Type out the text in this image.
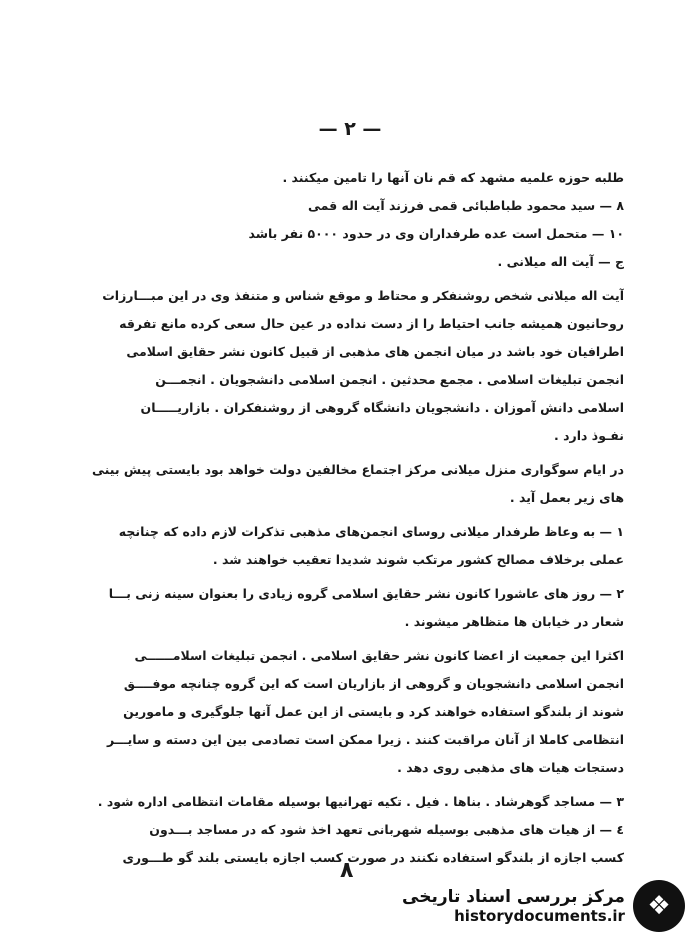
— ۲ —
طلبه حوزه علمیه مشهد که قم نان آنها را تامین میکنند .
۸ — سید محمود طباطبائی قمی فرزند آیت اله قمی
۱۰ — متحمل است عده طرفداران وی در حدود ۵۰۰۰ نفر باشد
ج — آیت اله میلانی .
آیت اله میلانی شخص روشنفکر و محتاط و موقع شناس و متنفذ وی در این مبـــارزات
روحانیون همیشه جانب احتیاط را از دست نداده در عین حال سعی کرده مانع تفرقه
اطرافیان خود باشد در میان انجمن های مذهبی از قبیل کانون نشر حقایق اسلامی
انجمن تبلیغات اسلامی . مجمع محدثین . انجمن اسلامی دانشجویان . انجمـــن
اسلامی دانش آموزان . دانشجویان دانشگاه گروهی از روشنفکران . بازاریـــــان
نفـوذ دارد .
در ایام سوگواری منزل میلانی مرکز اجتماع مخالفین دولت خواهد بود بایستی پیش بینی
های زیر بعمل آید .
۱ — به وعاظ طرفدار میلانی روسای انجمن‌های مذهبی تذکرات لازم داده که چنانچه
عملی برخلاف مصالح کشور مرتکب شوند شدیدا تعقیب خواهند شد .
۲ — روز های عاشورا کانون نشر حقایق اسلامی گروه زیادی را بعنوان سینه زنی بـــا
شعار در خیابان ها متظاهر میشوند .
اکثرا این جمعیت از اعضا کانون نشر حقایق اسلامی . انجمن تبلیغات اسلامــــــی
انجمن اسلامی دانشجویان و گروهی از بازاریان است که این گروه چنانچه موفــــق
شوند از بلندگو استفاده خواهند کرد و بایستی از این عمل آنها جلوگیری و مامورین
انتظامی کاملا از آنان مراقبت کنند . زیرا ممکن است تصادمی بین این دسته و سایـــر
دستجات هیات های مذهبی روی دهد .
۳ — مساجد گوهرشاد . بناها . فیل . تکیه تهرانیها بوسیله مقامات انتظامی اداره شود .
٤ — از هیات های مذهبی بوسیله شهربانی تعهد اخذ شود که در مساجد بـــدون
کسب اجازه از بلندگو استفاده نکنند در صورت کسب اجازه بایستی بلند گو طـــوری
٨
❖
مرکز بررسی اسناد تاریخی
historydocuments.ir
